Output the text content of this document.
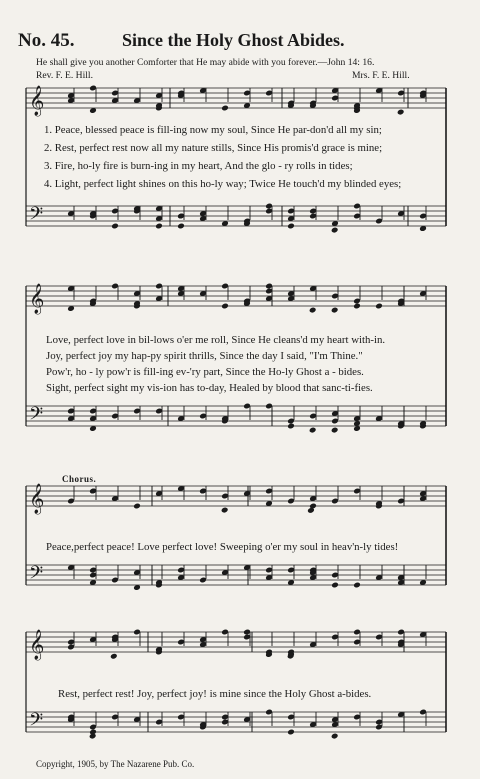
No. 45.	Since the Holy Ghost Abides.
He shall give you another Comforter that He may abide with you forever.—John 14: 16.
Rev. F. E. Hill.	Mrs. F. E. Hill.
𝄞
𝄢
𝄞
𝄢
𝄞
𝄢
𝄞
𝄢
1. Peace, blessed peace is fill-ing now my soul, Since He par-don'd all my sin;
2. Rest, perfect rest now all my nature stills, Since His promis'd grace is mine;
3. Fire, ho-ly fire is burn-ing in my heart, And the glo - ry rolls in tides;
4. Light, perfect light shines on this ho-ly way; Twice He touch'd my blinded eyes;
Love, perfect love in bil-lows o'er me roll, Since He cleans'd my heart with-in.
Joy, perfect joy my hap-py spirit thrills, Since the day I said, "I'm Thine."
Pow'r, ho - ly pow'r is fill-ing ev-'ry part, Since the Ho-ly Ghost a - bides.
Sight, perfect sight my vis-ion has to-day, Healed by blood that sanc-ti-fies.
Chorus.
Peace,perfect peace! Love perfect love! Sweeping o'er my soul in heav'n-ly tides!
Rest, perfect rest! Joy, perfect joy! is mine since the Holy Ghost a-bides.
Copyright, 1905, by The Nazarene Pub. Co.
